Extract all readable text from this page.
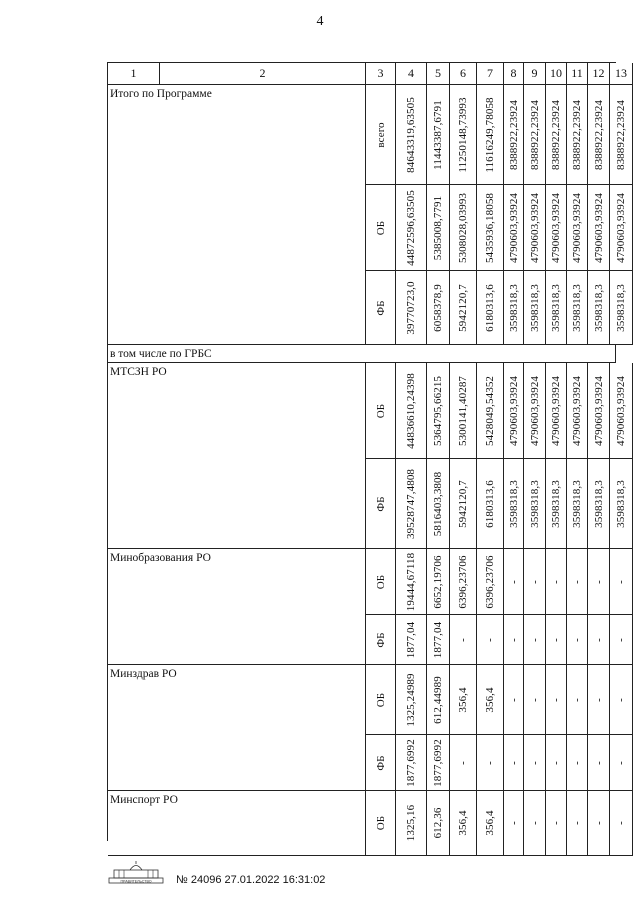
4
1	2	3	4	5	6	7	8	9	10 11 12 13
Итого по Программе
всего 84643319,63505 11443387,6791 11250148,73993 11616249,78058 8388922,23924 8388922,23924 8388922,23924 8388922,23924 8388922,23924 8388922,23924
ОБ 44872596,63505 5385008,7791 5308028,03993 5435936,18058 4790603,93924 4790603,93924 4790603,93924 4790603,93924 4790603,93924 4790603,93924
ФБ 39770723,0 6058378,9 5942120,7 6180313,6 3598318,3 3598318,3 3598318,3 3598318,3 3598318,3 3598318,3
в том числе по ГРБС
МТСЗН РО
ОБ 44836610,24398 5364795,66215 5300141,40287 5428049,54352 4790603,93924 4790603,93924 4790603,93924 4790603,93924 4790603,93924 4790603,93924
ФБ 39528747,4808 5816403,3808 5942120,7 6180313,6 3598318,3 3598318,3 3598318,3 3598318,3 3598318,3 3598318,3
Минобразования РО
ОБ 19444,67118 6652,19706 6396,23706 6396,23706 - - - - - -
ФБ 1877,04 1877,04 - - - - - - - -
Минздрав РО
ОБ 1325,24989 612,44989 356,4 356,4 - - - - - -
ФБ 1877,6992 1877,6992 - - - - - - - -
Минспорт РО
ОБ 1325,16 612,36 356,4 356,4 - - - - - -
ПРАВИТЕЛЬСТВО № 24096 27.01.2022 16:31:02
